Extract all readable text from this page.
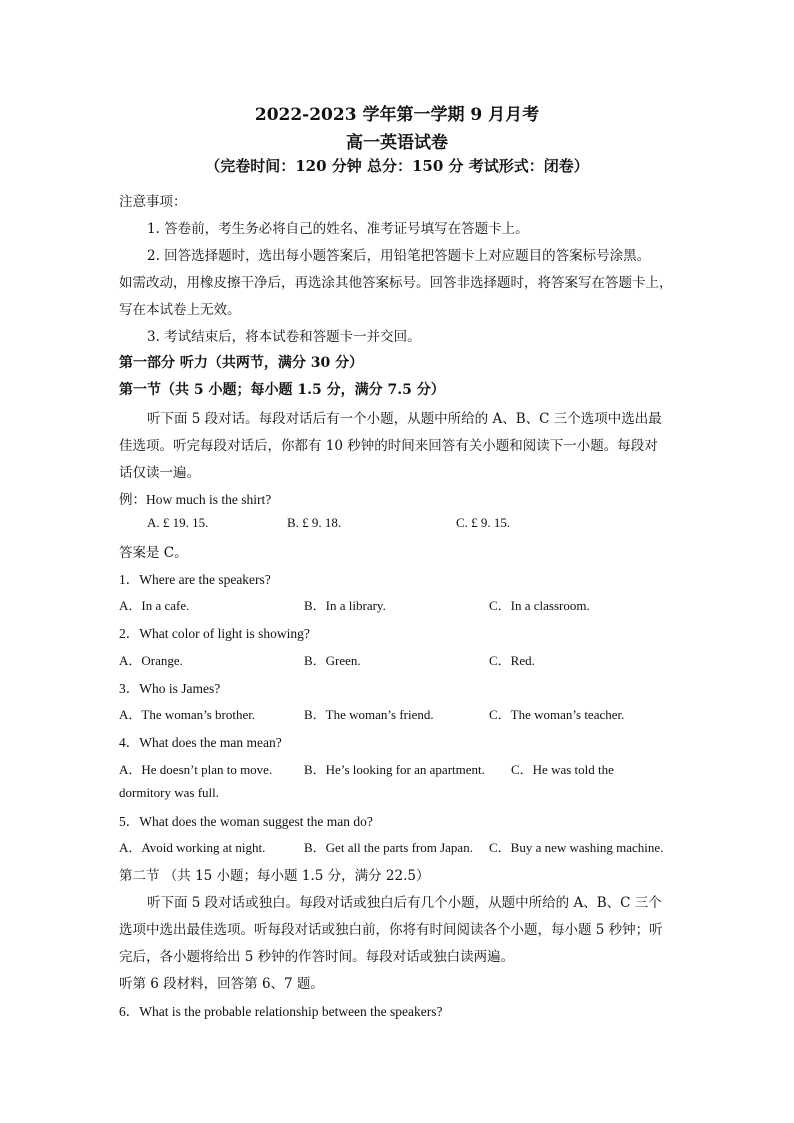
2022-2023 学年第一学期 9 月月考
高一英语试卷
（完卷时间：120 分钟 总分：150 分 考试形式：闭卷）
注意事项：
1. 答卷前，考生务必将自己的姓名、准考证号填写在答题卡上。
2. 回答选择题时，选出每小题答案后，用铅笔把答题卡上对应题目的答案标号涂黑。
如需改动，用橡皮擦干净后，再选涂其他答案标号。回答非选择题时，将答案写在答题卡上，
写在本试卷上无效。
3. 考试结束后，将本试卷和答题卡一并交回。
第一部分 听力（共两节，满分 30 分）
第一节（共 5 小题；每小题 1.5 分，满分 7.5 分）
听下面 5 段对话。每段对话后有一个小题，从题中所给的 A、B、C 三个选项中选出最
佳选项。听完每段对话后，你都有 10 秒钟的时间来回答有关小题和阅读下一小题。每段对
话仅读一遍。
例：How much is the shirt?
A. £ 19. 15.	B. £ 9. 18.	C. £ 9. 15.
答案是 C。
1．Where are the speakers?
A．In a cafe.	B．In a library.	C．In a classroom.
2．What color of light is showing?
A．Orange.	B．Green.	C．Red.
3．Who is James?
A．The woman’s brother.	B．The woman’s friend.	C．The woman’s teacher.
4．What does the man mean?
A．He doesn’t plan to move. B．He’s looking for an apartment. C．He was told the
dormitory was full.
5．What does the woman suggest the man do?
A．Avoid working at night.	B．Get all the parts from Japan. C．Buy a new washing machine.
第二节 （共 15 小题；每小题 1.5 分，满分 22.5）
听下面 5 段对话或独白。每段对话或独白后有几个小题，从题中所给的 A、B、C 三个
选项中选出最佳选项。听每段对话或独白前，你将有时间阅读各个小题，每小题 5 秒钟；听
完后，各小题将给出 5 秒钟的作答时间。每段对话或独白读两遍。
听第 6 段材料，回答第 6、7 题。
6．What is the probable relationship between the speakers?
